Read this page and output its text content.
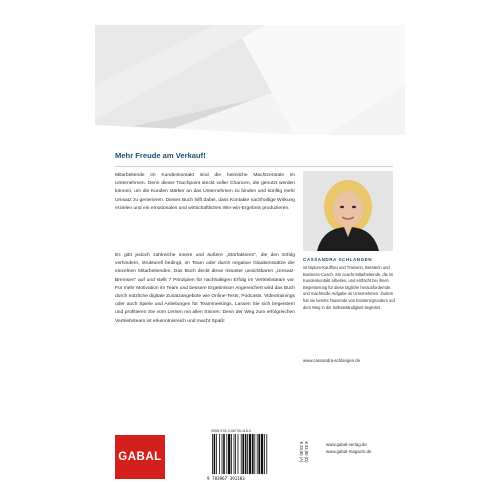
Mehr Freude am Verkauf!
Mitarbeitende im Kundenkontakt sind die heimliche Machtzentrale im Unternehmen. Denn dieser Touchpoint steckt voller Chancen, die genutzt werden können, um die Kunden stärker an das Unternehmen zu binden und künftig mehr Umsatz zu generieren. Dieses Buch hilft dabei, dass Kontakte nachhaltige Wirkung erzielen und ein emotionales und wirtschaftliches Win-win-Ergebnis produzieren.
Es gibt jedoch zahlreiche innere und äußere „Störfaktoren“, die den Erfolg verhindern, strukturell bedingt, im Team oder durch negative Glaubenssätze der einzelnen Mitarbeitenden. Das Buch deckt diese mitunter unsichtbaren „Umsatz-Bremsen“ auf und stellt 7 Prinzipien für nachhaltigen Erfolg im Vertriebsteam vor. Für mehr Motivation im Team und bessere Ergebnisse! Angereichert wird das Buch durch nützliche digitale Zusatzangebote wie Online-Tests, Podcasts, Videotrainings oder auch Spiele und Anleitungen für Teammeetings. Lassen Sie sich begeistern und profitieren Sie vom Lernen mit allen Sinnen: Denn der Weg zum erfolgreichen Vertriebsteam ist erkenntnisreich und macht Spaß!
CASSANDRA SCHLANGEN
ist Diplom-Kauffrau und Trainerin, Beraterin und Business-Coach. Sie coacht Mitarbeitende, die im Kundenkontakt arbeiten, und entfacht bei ihnen Begeisterung für diese tägliche herausfordernde und machtvolle Aufgabe im Unternehmen. Zudem hat sie bereits Tausende von Existenzgründern auf dem Weg in die Selbstständigkeit begleitet.
www.cassandra-schlangen.de
GABAL
ISBN 978-3-96739-118-3
9 783967 391183
€ 32,90 (D)
€ 33,90 (A)	www.gabal-verlag.de
www.gabal-magazin.de
